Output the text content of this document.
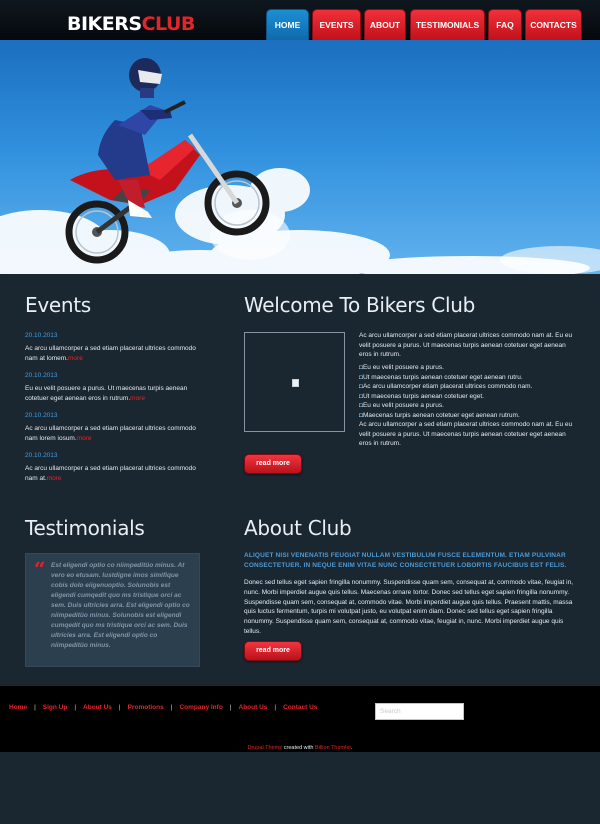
BIKERSCLUB	HOME	EVENTS	ABOUT	TESTIMONIALS	FAQ	CONTACTS
Events
20.10.2013
Ac arcu ullamcorper a sed etiam placerat ultrices commodo nam at lomem.more
20.10.2013
Eu eu velit posuere a purus. Ut maecenas turpis aenean cotetuer eget aenean eros in rutrum.more
20.10.2013
Ac arcu ullamcorper a sed etiam placerat ultrices commodo nam lorem iosum.more
20.10.2013
Ac arcu ullamcorper a sed etiam placerat ultrices commodo nam at.more
Welcome To Bikers Club
Ac arcu ullamcorper a sed etiam placerat ultrices commodo nam at. Eu eu velit posuere a purus. Ut maecenas turpis aenean cotetuer eget aenean eros in rutrum.
◘Eu eu velit posuere a purus.
◘Ut maecenas turpis aenean cotetuer eget aenean rutru.
◘Ac arcu ullamcorper etiam placerat ultrices commodo nam.
◘Ut maecenas turpis aenean cotetuer eget.
◘Eu eu velit posuere a purus.
◘Maecenas turpis aenean cotetuer eget aenean rutrum.
Ac arcu ullamcorper a sed etiam placerat ultrices commodo nam at. Eu eu velit posuere a purus. Ut maecenas turpis aenean cotetuer eget aenean eros in rutrum.
read more
Testimonials
“ Est eligendi optio co niimpeditüo minus. At vero eo etusam. Iustdigne imos simifique cobis dolo eiigenuoptio. Solunobis est eligendi cumqedit quo ms tristique orci ac sem. Duis ultricies arra. Est eligendi optio co niimpeditüo minus. Solunobis est eligendi cumqedit quo ms tristique orci ac sem. Duis ultricies arra. Est eligendi optio co niimpeditüo minus.
About Club
ALIQUET NISI VENENATIS FEUGIAT NULLAM VESTIBULUM FUSCE ELEMENTUM. ETIAM PULVINAR CONSECTETUER. IN NEQUE ENIM VITAE NUNC CONSECTETUER LOBORTIS FAUCIBUS EST FELIS.
Donec sed tellus eget sapien fringilla nonummy. Suspendisse quam sem, consequat at, commodo vitae, feugiat in, nunc. Morbi imperdiet augue quis tellus. Maecenas ornare tortor. Donec sed tellus eget sapien fringilla nonummy. Suspendisse quam sem, consequat at, commodo vitae. Morbi imperdiet augue quis tellus. Praesent mattis, massa quis luctus fermentum, turpis mi volutpat justo, eu volutpat enim diam. Donec sed tellus eget sapien fringilla nonummy. Suspendisse quam sem, consequat at, commodo vitae, feugiat in, nunc. Morbi imperdiet augue quis tellus.
read more
Home | Sign Up | About Us | Promotions | Company Info | About Us | Contact Us
Search
Drupal Theme created with Billion Themler.
